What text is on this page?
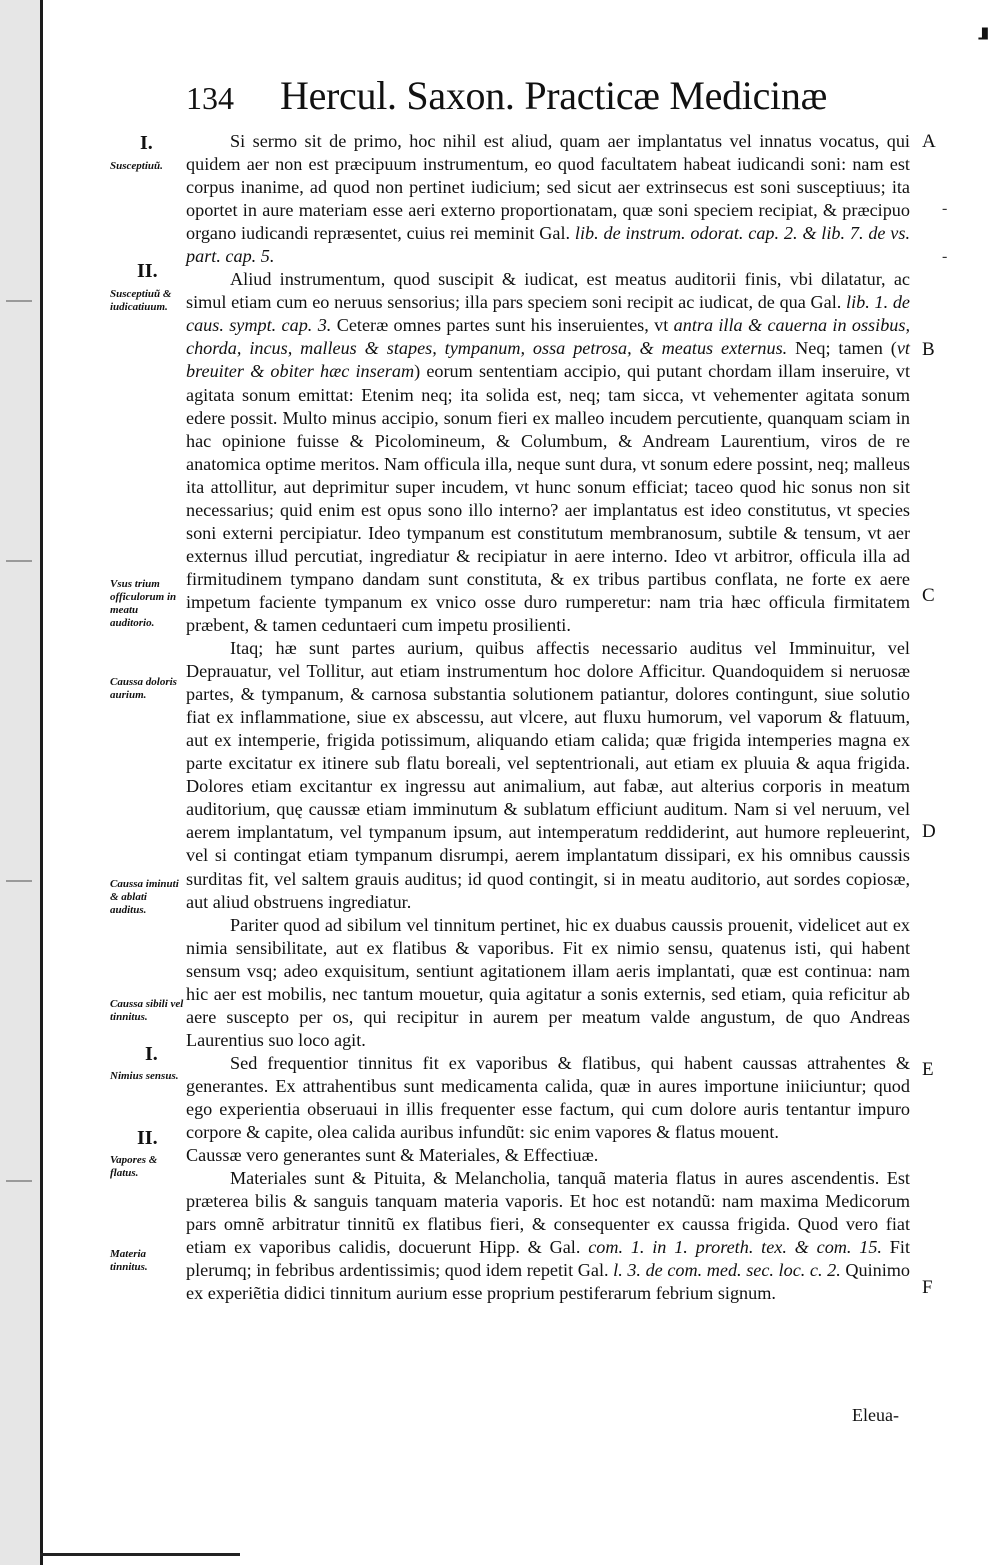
⸥
-
-
134 Hercul. Saxon. Practicæ Medicinæ
I.
II.
I.
II.
Susceptiuũ.
Susceptiuũ & iudicatiuum.
Vsus trium officulorum in meatu auditorio.
Caussa doloris aurium.
Caussa iminuti & ablati auditus.
Caussa sibili vel tinnitus.
Nimius sensus.
Vapores & flatus.
Materia tinnitus.
A
B
C
D
E
F

Si sermo sit de primo, hoc nihil est aliud, quam aer implantatus vel innatus vocatus, qui quidem aer non est præcipuum instrumentum, eo quod facultatem habeat iudicandi soni: nam est corpus inanime, ad quod non pertinet iudicium; sed sicut aer extrinsecus est soni susceptiuus; ita oportet in aure materiam esse aeri externo proportionatam, quæ soni speciem recipiat, & præcipuo organo iudicandi repræsentet, cuius rei meminit Gal. lib. de instrum. odorat. cap. 2. & lib. 7. de vs. part. cap. 5.

Aliud instrumentum, quod suscipit & iudicat, est meatus auditorii finis, vbi dilatatur, ac simul etiam cum eo neruus sensorius; illa pars speciem soni recipit ac iudicat, de qua Gal. lib. 1. de caus. sympt. cap. 3. Ceteræ omnes partes sunt his inseruientes, vt antra illa & cauerna in ossibus, chorda, incus, malleus & stapes, tympanum, ossa petrosa, & meatus externus. Neq; tamen (vt breuiter & obiter hæc inseram) eorum sententiam accipio, qui putant chordam illam inseruire, vt agitata sonum emittat: Etenim neq; ita solida est, neq; tam sicca, vt vehementer agitata sonum edere possit. Multo minus accipio, sonum fieri ex malleo incudem percutiente, quanquam sciam in hac opinione fuisse & Picolomineum, & Columbum, & Andream Laurentium, viros de re anatomica optime meritos. Nam officula illa, neque sunt dura, vt sonum edere possint, neq; malleus ita attollitur, aut deprimitur super incudem, vt hunc sonum efficiat; taceo quod hic sonus non sit necessarius; quid enim est opus sono illo interno? aer implantatus est ideo constitutus, vt species soni externi percipiatur. Ideo tympanum est constitutum membranosum, subtile & tensum, vt aer externus illud percutiat, ingrediatur & recipiatur in aere interno. Ideo vt arbitror, officula illa ad firmitudinem tympano dandam sunt constituta, & ex tribus partibus conflata, ne forte ex aere impetum faciente tympanum ex vnico osse duro rumperetur: nam tria hæc officula firmitatem præbent, & tamen ceduntaeri cum impetu prosilienti.

Itaq; hæ sunt partes aurium, quibus affectis necessario auditus vel Imminuitur, vel Deprauatur, vel Tollitur, aut etiam instrumentum hoc dolore Afficitur. Quandoquidem si neruosæ partes, & tympanum, & carnosa substantia solutionem patiantur, dolores contingunt, siue solutio fiat ex inflammatione, siue ex abscessu, aut vlcere, aut fluxu humorum, vel vaporum & flatuum, aut ex intemperie, frigida potissimum, aliquando etiam calida; quæ frigida intemperies magna ex parte excitatur ex itinere sub flatu boreali, vel septentrionali, aut etiam ex pluuia & aqua frigida. Dolores etiam excitantur ex ingressu aut animalium, aut fabæ, aut alterius corporis in meatum auditorium, quę caussæ etiam imminutum & sublatum efficiunt auditum. Nam si vel neruum, vel aerem implantatum, vel tympanum ipsum, aut intemperatum reddiderint, aut humore repleuerint, vel si contingat etiam tympanum disrumpi, aerem implantatum dissipari, ex his omnibus caussis surditas fit, vel saltem grauis auditus; id quod contingit, si in meatu auditorio, aut sordes copiosæ, aut aliud obstruens ingrediatur.

Pariter quod ad sibilum vel tinnitum pertinet, hic ex duabus caussis prouenit, videlicet aut ex nimia sensibilitate, aut ex flatibus & vaporibus. Fit ex nimio sensu, quatenus isti, qui habent sensum vsq; adeo exquisitum, sentiunt agitationem illam aeris implantati, quæ est continua: nam hic aer est mobilis, nec tantum mouetur, quia agitatur a sonis externis, sed etiam, quia reficitur ab aere suscepto per os, qui recipitur in aurem per meatum valde angustum, de quo Andreas Laurentius suo loco agit.

Sed frequentior tinnitus fit ex vaporibus & flatibus, qui habent caussas attrahentes & generantes. Ex attrahentibus sunt medicamenta calida, quæ in aures importune iniiciuntur; quod ego experientia obseruaui in illis frequenter esse factum, qui cum dolore auris tentantur impuro corpore & capite, olea calida auribus infundũt: sic enim vapores & flatus mouent.

Caussæ vero generantes sunt & Materiales, & Effectiuæ.

Materiales sunt & Pituita, & Melancholia, tanquã materia flatus in aures ascendentis. Est præterea bilis & sanguis tanquam materia vaporis. Et hoc est notandũ: nam maxima Medicorum pars omnẽ arbitratur tinnitũ ex flatibus fieri, & consequenter ex caussa frigida. Quod vero fiat etiam ex vaporibus calidis, docuerunt Hipp. & Gal. com. 1. in 1. proreth. tex. & com. 15. Fit plerumq; in febribus ardentissimis; quod idem repetit Gal. l. 3. de com. med. sec. loc. c. 2. Quinimo ex experiẽtia didici tinnitum aurium esse proprium pestiferarum febrium signum.

Eleua-
